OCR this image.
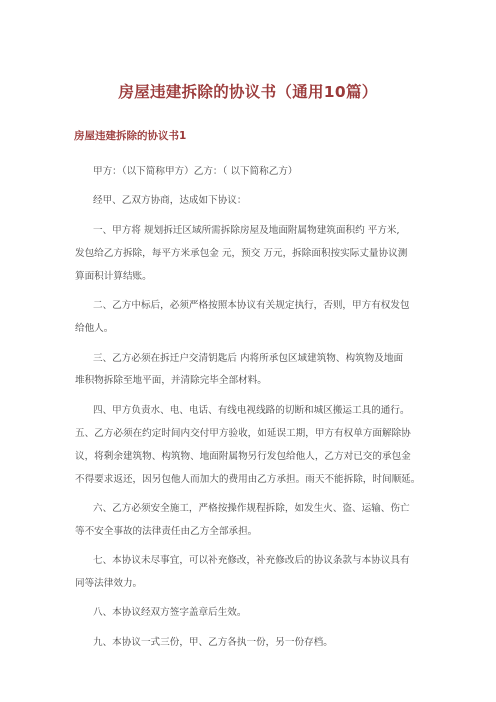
房屋违建拆除的协议书（通用10篇）
房屋违建拆除的协议书1
甲方：（以下简称甲方）乙方：（ 以下简称乙方）
经甲、乙双方协商，达成如下协议：
一、甲方将 规划拆迁区域所需拆除房屋及地面附属物建筑面积约 平方米,
发包给乙方拆除，每平方米承包金 元，预交 万元，拆除面积按实际丈量协议测
算面积计算结账。
二、乙方中标后，必须严格按照本协议有关规定执行，否则，甲方有权发包
给他人。
三、乙方必须在拆迁户交清钥匙后 内将所承包区域建筑物、构筑物及地面
堆积物拆除至地平面，并清除完毕全部材料。
四、甲方负责水、电、电话、有线电视线路的切断和城区搬运工具的通行。
五、乙方必须在约定时间内交付甲方验收，如延误工期，甲方有权单方面解除协
议，将剩余建筑物、构筑物、地面附属物另行发包给他人，乙方对已交的承包金
不得要求返还，因另包他人而加大的费用由乙方承担。雨天不能拆除，时间顺延。
六、乙方必须安全施工，严格按操作规程拆除，如发生火、盗、运输、伤亡
等不安全事故的法律责任由乙方全部承担。
七、本协议未尽事宜，可以补充修改，补充修改后的协议条款与本协议具有
同等法律效力。
八、本协议经双方签字盖章后生效。
九、本协议一式三份，甲、乙方各执一份，另一份存档。
